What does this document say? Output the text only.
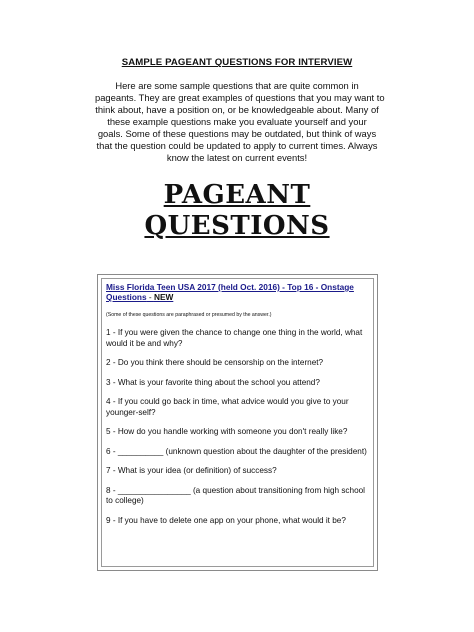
SAMPLE PAGEANT QUESTIONS FOR INTERVIEW
Here are some sample questions that are quite common in
pageants. They are great examples of questions that you may want to
think about, have a position on, or be knowledgeable about. Many of
these example questions make you evaluate yourself and your
goals. Some of these questions may be outdated, but think of ways
that the question could be updated to apply to current times. Always
know the latest on current events!
PAGEANT
QUESTIONS

Miss Florida Teen USA 2017 (held Oct. 2016) - Top 16 - Onstage Questions - NEW

(Some of these questions are paraphrased or presumed by the answer.)
1 - If you were given the chance to change one thing in the world, what would it be and why?
2 - Do you think there should be censorship on the internet?
3 - What is your favorite thing about the school you attend?
4 - If you could go back in time, what advice would you give to your younger-self?
5 - How do you handle working with someone you don't really like?
6 - __________ (unknown question about the daughter of the president)
7 - What is your idea (or definition) of success?
8 - ________________ (a question about transitioning from high school to college)
9 - If you have to delete one app on your phone, what would it be?
